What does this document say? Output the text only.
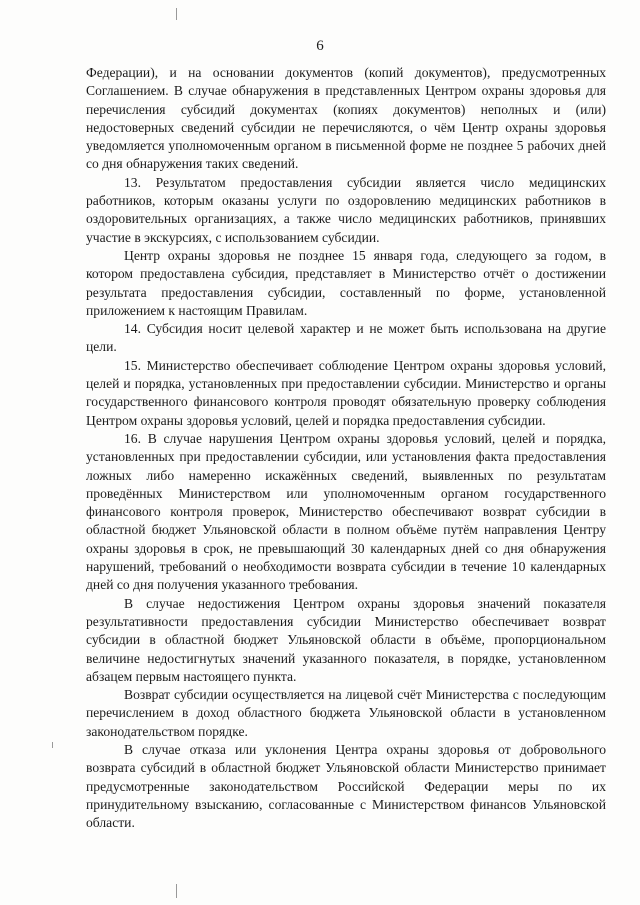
6

Федерации), и на основании документов (копий документов), предусмотренных Соглашением. В случае обнаружения в представленных Центром охраны здоровья для перечисления субсидий документах (копиях документов) неполных и (или) недостоверных сведений субсидии не перечисляются, о чём Центр охраны здоровья уведомляется уполномоченным органом в письменной форме не позднее 5 рабочих дней со дня обнаружения таких сведений.

13. Результатом предоставления субсидии является число медицинских работников, которым оказаны услуги по оздоровлению медицинских работников в оздоровительных организациях, а также число медицинских работников, принявших участие в экскурсиях, с использованием субсидии.

Центр охраны здоровья не позднее 15 января года, следующего за годом, в котором предоставлена субсидия, представляет в Министерство отчёт о достижении результата предоставления субсидии, составленный по форме, установленной приложением к настоящим Правилам.

14. Субсидия носит целевой характер и не может быть использована на другие цели.

15. Министерство обеспечивает соблюдение Центром охраны здоровья условий, целей и порядка, установленных при предоставлении субсидии. Министерство и органы государственного финансового контроля проводят обязательную проверку соблюдения Центром охраны здоровья условий, целей и порядка предоставления субсидии.

16. В случае нарушения Центром охраны здоровья условий, целей и порядка, установленных при предоставлении субсидии, или установления факта предоставления ложных либо намеренно искажённых сведений, выявленных по результатам проведённых Министерством или уполномоченным органом государственного финансового контроля проверок, Министерство обеспечивают возврат субсидии в областной бюджет Ульяновской области в полном объёме путём направления Центру охраны здоровья в срок, не превышающий 30 календарных дней со дня обнаружения нарушений, требований о необходимости возврата субсидии в течение 10 календарных дней со дня получения указанного требования.

В случае недостижения Центром охраны здоровья значений показателя результативности предоставления субсидии Министерство обеспечивает возврат субсидии в областной бюджет Ульяновской области в объёме, пропорциональном величине недостигнутых значений указанного показателя, в порядке, установленном абзацем первым настоящего пункта.

Возврат субсидии осуществляется на лицевой счёт Министерства с последующим перечислением в доход областного бюджета Ульяновской области в установленном законодательством порядке.

В случае отказа или уклонения Центра охраны здоровья от добровольного возврата субсидий в областной бюджет Ульяновской области Министерство принимает предусмотренные законодательством Российской Федерации меры по их принудительному взысканию, согласованные с Министерством финансов Ульяновской области.
